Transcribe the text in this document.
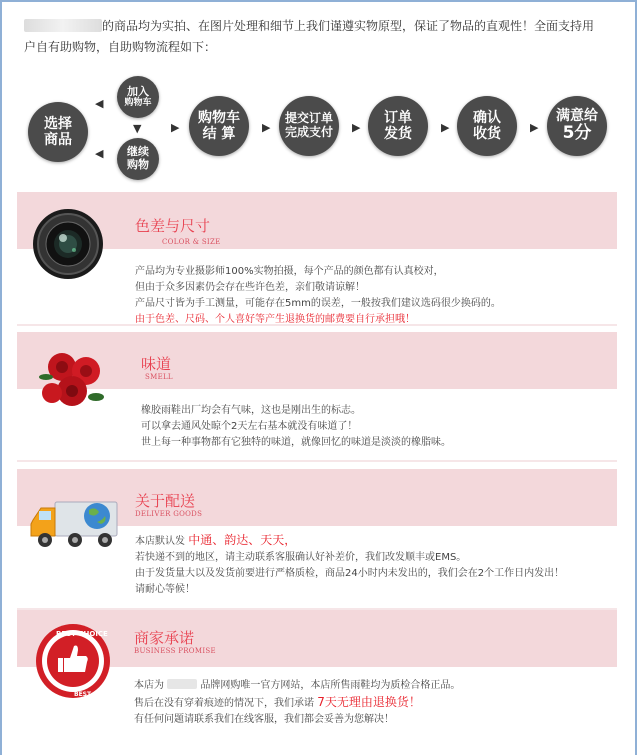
的商品均为实拍、在图片处理和细节上我们谨遵实物原型，保证了物品的直观性！全面支持用
户自有助购物，自助购物流程如下：
选择
商品
◀
◀
加入
购物车
▼
继续
购物
▶
购物车
结 算	▶
提交订单
完成支付 ▶
订单
发货	▶
确认
收货	▶
满意给
5分
色差与尺寸
COLOR & SIZE
产品均为专业摄影师100%实物拍摄，每个产品的颜色都有认真校对，
但由于众多因素仍会存在些许色差，亲们敬请谅解！
产品尺寸皆为手工测量，可能存在5mm的误差，一般按我们建议选码很少换码的。
由于色差、尺码、个人喜好等产生退换货的邮费要自行承担哦！
味道
SMELL
橡胶雨鞋出厂均会有气味，这也是刚出生的标志。
可以拿去通风处晾个2天左右基本就没有味道了！
世上每一种事物都有它独特的味道，就像回忆的味道是淡淡的橡脂味。
关于配送
DELIVER GOODS
本店默认发 中通、韵达、天天，
若快递不到的地区，请主动联系客服确认好补差价，我们改发顺丰或EMS。
由于发货量大以及发货前要进行严格质检，商品24小时内未发出的，我们会在2个工作日内发出！
请耐心等候！
BEST CHOICE
BEST CHOICE
商家承诺
BUSINESS PROMISE
本店为	品牌网购唯一官方网站，本店所售雨鞋均为质检合格正品。
售后在没有穿着痕迹的情况下，我们承诺 7天无理由退换货！
有任何问题请联系我们在线客服，我们都会妥善为您解决！
